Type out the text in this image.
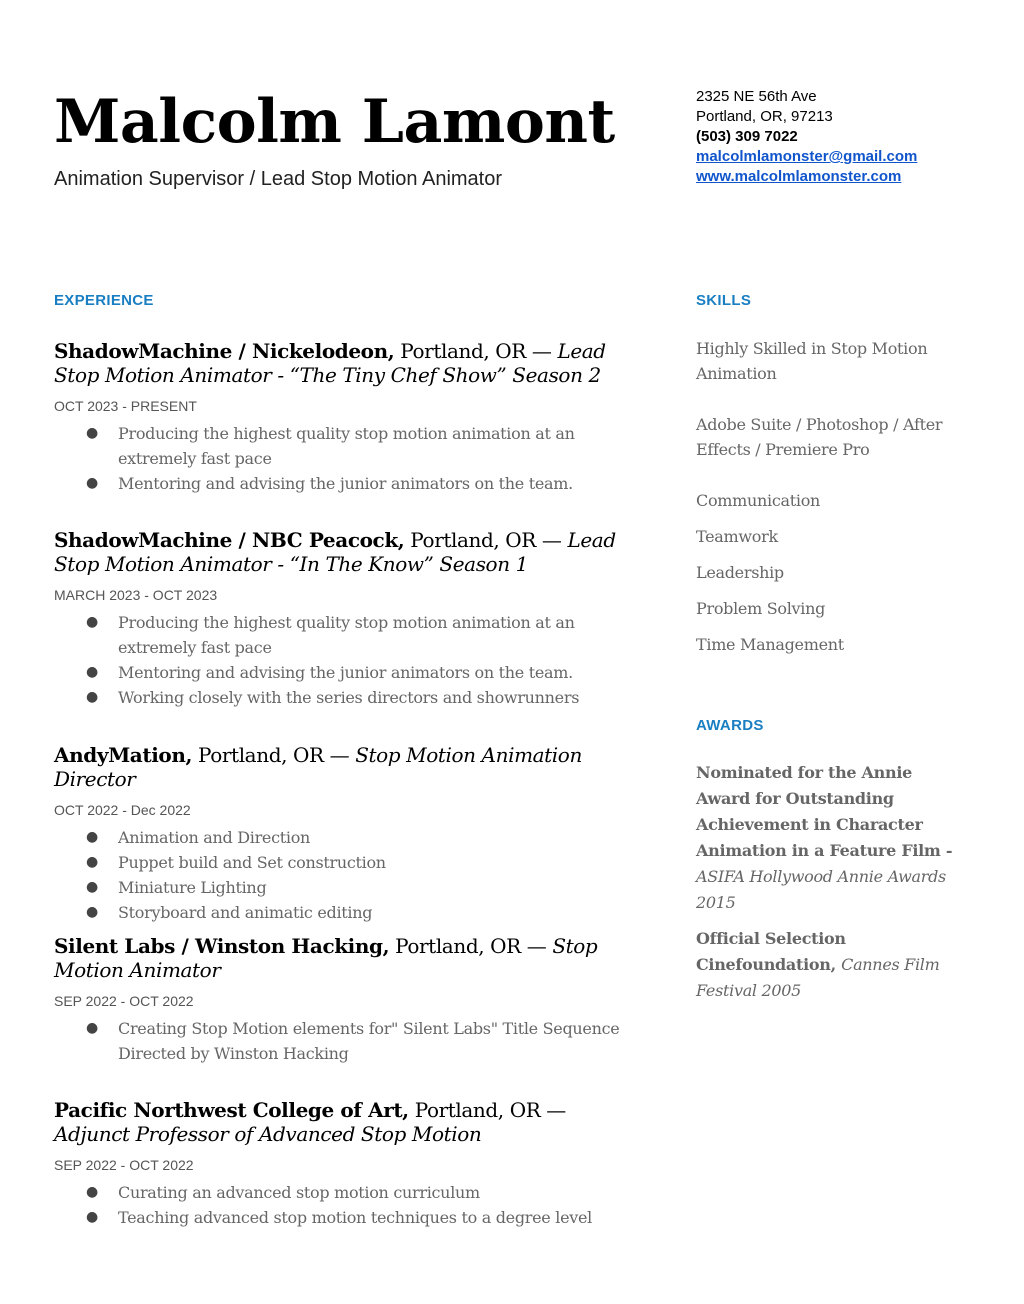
Malcolm Lamont
Animation Supervisor / Lead Stop Motion Animator
2325 NE 56th Ave
Portland, OR, 97213
(503) 309 7022
malcolmlamonster@gmail.com
www.malcolmlamonster.com
EXPERIENCE	SKILLS
AWARDS
ShadowMachine / Nickelodeon, Portland, OR — Lead Stop Motion Animator - “The Tiny Chef Show” Season 2
OCT 2023 - PRESENT
● Producing the highest quality stop motion animation at an extremely fast pace
● Mentoring and advising the junior animators on the team.
ShadowMachine / NBC Peacock, Portland, OR — Lead Stop Motion Animator - “In The Know” Season 1
MARCH 2023 - OCT 2023
● Producing the highest quality stop motion animation at an extremely fast pace
● Mentoring and advising the junior animators on the team.
● Working closely with the series directors and showrunners
AndyMation, Portland, OR — Stop Motion Animation Director
OCT 2022 - Dec 2022
● Animation and Direction
● Puppet build and Set construction
● Miniature Lighting
● Storyboard and animatic editing
Silent Labs / Winston Hacking, Portland, OR — Stop Motion Animator
SEP 2022 - OCT 2022
● Creating Stop Motion elements for" Silent Labs" Title Sequence Directed by Winston Hacking
Pacific Northwest College of Art, Portland, OR — Adjunct Professor of Advanced Stop Motion
SEP 2022 - OCT 2022
● Curating an advanced stop motion curriculum
● Teaching advanced stop motion techniques to a degree level
Highly Skilled in Stop Motion Animation
Adobe Suite / Photoshop / After Effects / Premiere Pro
Communication
Teamwork
Leadership
Problem Solving
Time Management
Nominated for the Annie Award for Outstanding Achievement in Character Animation in a Feature Film - ASIFA Hollywood Annie Awards 2015
Official Selection Cinefoundation, Cannes Film Festival 2005
